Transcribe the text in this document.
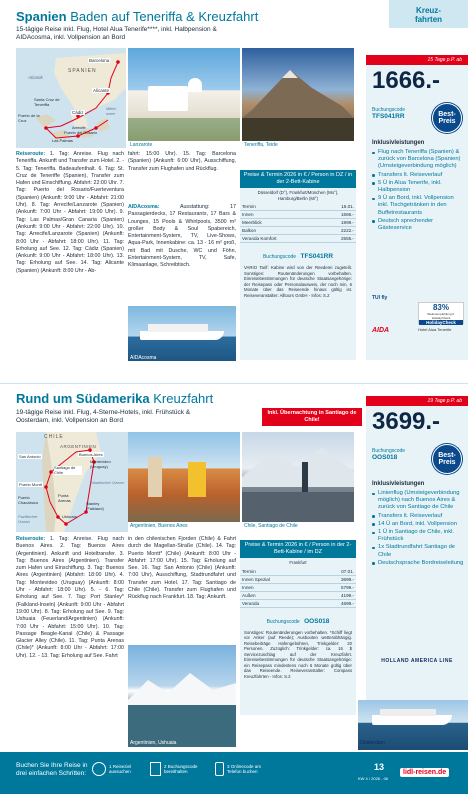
Kreuz-
fahrten
Spanien Baden auf Teneriffa & Kreuzfahrt
15-tägige Reise inkl. Flug, Hotel Alua Tenerife****, inkl. Halbpension &
AIDAcosma, inkl. Vollpension an Bord
SPANIEN
Barcelona
Alicante
Cádiz
Atlantik
Mittel- meer
Santa Cruz de Teneriffa
Puerto de la Cruz
Arrecife
Puerto del Rosario
Las Palmas
Lanzarote	Teneriffa, Teide
Reiseroute: 1. Tag: Anreise. Flug nach Teneriffa. Ankunft und Transfer zum Hotel. 2. - 5. Tag: Teneriffa. Badeaufenthalt. 6. Tag: St. Cruz de Teneriffe (Spanien), Transfer zum Hafen und Einschiffung. Abfahrt: 22:00 Uhr. 7. Tag: Puerto del Rosario/Fuerteventura (Spanien) (Ankunft: 9:00 Uhr - Abfahrt: 21:00 Uhr). 8. Tag: Arrecife/Lanzarote (Spanien) (Ankunft: 7:00 Uhr - Abfahrt: 19:00 Uhr). 9. Tag: Las Palmas/Gran Canaria (Spanien) (Ankunft: 9:00 Uhr - Abfahrt: 22:00 Uhr). 10. Tag: Arrecife/Lanzarote (Spanien) (Ankunft: 8:00 Uhr - Abfahrt: 18:00 Uhr). 11. Tag: Erholung auf See. 12. Tag: Cádiz (Spanien) (Ankunft: 9:00 Uhr - Abfahrt: 18:00 Uhr). 13. Tag: Erholung auf See. 14. Tag: Alicante (Spanien) (Ankunft: 8:00 Uhr - Ab-
fahrt: 15:00 Uhr). 15. Tag: Barcelona (Spanien) (Ankunft: 6:00 Uhr), Ausschiffung, Transfer zum Flughafen und Rückflug.
AIDAcosma:	Ausstattung: 17 Passagierdecks, 17 Restaurants, 17 Bars & Lounges, 15 Pools & Whirlpools, 3500 m² großer Body & Soul Spabereich, Entertainment-System, TV, Live-Shows, Aqua-Park, Innenkabine: ca. 13 - 16 m² groß, mit Bad mit Dusche, WC und Föhn, Entertainment-System, TV, Safe, Klimaanlage, Schreibtisch.
AIDAcosma
Preise & Termin 2026 in € / Person in DZ / in der 2-Bett-Kabine
Düsseldorf (D°), Frankfurt/München (Mo°), Hamburg/Berlin (Mi°)
Termin	15.01.
Innen	1666.-
Meerblick	1999.-
Balkon	2222.-
Veranda Komfort	2555.-
Buchungscode TFS041RR
VARIO Tarif: Kabine wird von der Reederei zugeteilt. Sonstiges: Routenänderungen vorbehalten. Einreisebestimmungen für deutsche Staatsangehörige: der Reisepass oder Personalausweis, der noch min. 6 Monate über das Reiseende hinaus gültig ist. Reiseveranstalter: Alltours GmbH - Infos: S.2
15 Tage p.P. ab
1666.-
Buchungscode
TFS041RR	Best- Preis
Inklusivleistungen
Flug nach Teneriffa (Spanien) & zurück von Barcelona (Spanien) (Umsteigeverbindung möglich)
Transfers lt. Reiseverlauf
5 Ü in Alua Tenerife, inkl. Halbpension
9 Ü an Bord, inkl. Vollpension inkl. Tischgetränken in den Buffetrestaurants
Deutsch sprechender Gästeservice
TUI fly
83%
Weiterempfehlung lt. HolidayCheck
HolidayCheck
AIDA	Hotel Alua Tenerife
Rund um Südamerika Kreuzfahrt
19-tägige Reise inkl. Flug, 4-Sterne-Hotels, inkl. Frühstück &
Oosterdam, inkl. Vollpension an Bord
Inkl. Übernachtung in Santiago de Chile!
CHILE
ARGENTINIEN
San Antonio	Buenos Aires
Montevideo (Uruguay)
Santiago de Chile
Puerto Montt
Puerto Chacabuco
Punta Arenas
Stanley (Falkland)
Ushuaia
Atlantischer Ozean
Pazifischer Ozean
Argentinien, Buenos Aires	Chile, Santiago de Chile
Reiseroute: 1. Tag: Anreise. Flug nach Buenos Aires. 2. Tag: Buenos Aires (Argentinien). Ankunft und Hoteltransfer. 3. Tag: Buenos Aires (Argentinien). Transfer zum Hafen und Einschiffung. 3. Tag: Buenos Aires (Argentinien) (Abfahrt: 18:00 Uhr). 4. Tag: Montevideo (Uruguay) (Ankunft: 8:00 Uhr - Abfahrt: 18:00 Uhr). 5. - 6. Tag: Erholung auf See. 7. Tag: Port Stanley* (Falkland-Inseln) (Ankunft: 9:00 Uhr - Abfahrt 19:00 Uhr). 8. Tag: Erholung auf See. 9. Tag: Ushuaia (Feuerland/Argentinien) (Ankunft: 7:00 Uhr - Abfahrt: 15:00 Uhr). 10. Tag: Passage Beagle-Kanal (Chile) & Passage Glacier Alley (Chile). 11. Tag: Punta Arenas (Chile)* (Ankunft: 8:00 Uhr - Abfahrt: 17:00 Uhr). 12. - 13. Tag: Erholung auf See. Fahrt
in den chilenischen Fjorden (Chile) & Fahrt durch die Magellan-Straße (Chile). 14. Tag: Puerto Montt* (Chile) (Ankunft: 8:00 Uhr - Abfahrt: 17:00 Uhr). 15. Tag: Erholung auf See. 16. Tag: San Antonio (Chile) (Ankunft: 7:00 Uhr), Ausschiffung, Stadtrundfahrt und Transfer zum Hotel. 17. Tag: Santiago de Chile (Chile). Transfer zum Flughafen und Rückflug nach Frankfurt. 18. Tag: Ankunft.
Argentinien, Ushuaia
Preise & Termin 2026 in € / Person in der 2-Bett-Kabine / im DZ
Frankfurt
Termin	07.01.
Innen Spezial	3699.-
Innen	5799.-
Außen	4199.-
Veranda	4699.-
Buchungscode OOS018
Sonstiges: Routenänderungen vorbehalten. *Schiff liegt vor Anker (auf Reede); Ausbooten wetterabhängig. Reisebeiträge Hafengebühren, Trinkgelder: 20 Personen. Zuzüglich: Trinkgelder: ca. 16 $ Servicezuschlag auf der Kreuzfahrt. Einreisebestimmungen für deutsche Staatsangehörige: ein Reisepass mindestens noch 6 Monate gültig über das Reiseende. Reiseveranstalter: Compass Kreuzfahrten - Infos: S.2
19 Tage p.P. ab
3699.-
Buchungscode
OOS018	Best- Preis
Inklusivleistungen
Linienflug (Umsteigeverbindung möglich) nach Buenos Aires & zurück von Santiago de Chile
Transfers lt. Reiseverlauf
14 Ü an Bord, inkl. Vollpension
1 Ü in Santiago de Chile, inkl. Frühstück
1x Stadtrundfahrt Santiago de Chile
Deutschsprache Bordreiseleitung
HOLLAND AMERICA LINE
Oosterdam
Buchen Sie Ihre Reise in
drei einfachen Schritten:
1 Reiseziel aussuchen
2 Buchungscode bereithalten
3 Onlinecode am Telefon buchen	13
KW 4 / 2026 - 06
lidl-reisen.de
